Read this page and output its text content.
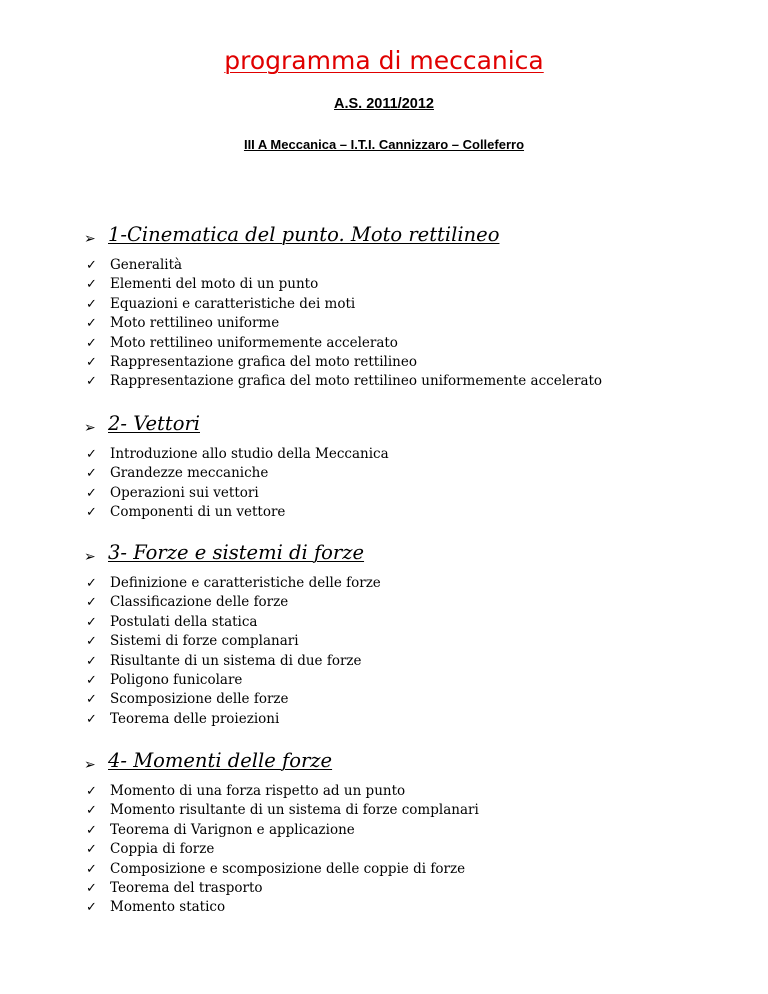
programma di meccanica
A.S. 2011/2012
III A Meccanica – I.T.I. Cannizzaro – Colleferro
➢ 1-Cinematica del punto. Moto rettilineo
✓ Generalità
✓ Elementi del moto di un punto
✓ Equazioni e caratteristiche dei moti
✓ Moto rettilineo uniforme
✓ Moto rettilineo uniformemente accelerato
✓ Rappresentazione grafica del moto rettilineo
✓ Rappresentazione grafica del moto rettilineo uniformemente accelerato
➢ 2- Vettori
✓ Introduzione allo studio della Meccanica
✓ Grandezze meccaniche
✓ Operazioni sui vettori
✓ Componenti di un vettore
➢ 3- Forze e sistemi di forze
✓ Definizione e caratteristiche delle forze
✓ Classificazione delle forze
✓ Postulati della statica
✓ Sistemi di forze complanari
✓ Risultante di un sistema di due forze
✓ Poligono funicolare
✓ Scomposizione delle forze
✓ Teorema delle proiezioni
➢ 4- Momenti delle forze
✓ Momento di una forza rispetto ad un punto
✓ Momento risultante di un sistema di forze complanari
✓ Teorema di Varignon e applicazione
✓ Coppia di forze
✓ Composizione e scomposizione delle coppie di forze
✓ Teorema del trasporto
✓ Momento statico
